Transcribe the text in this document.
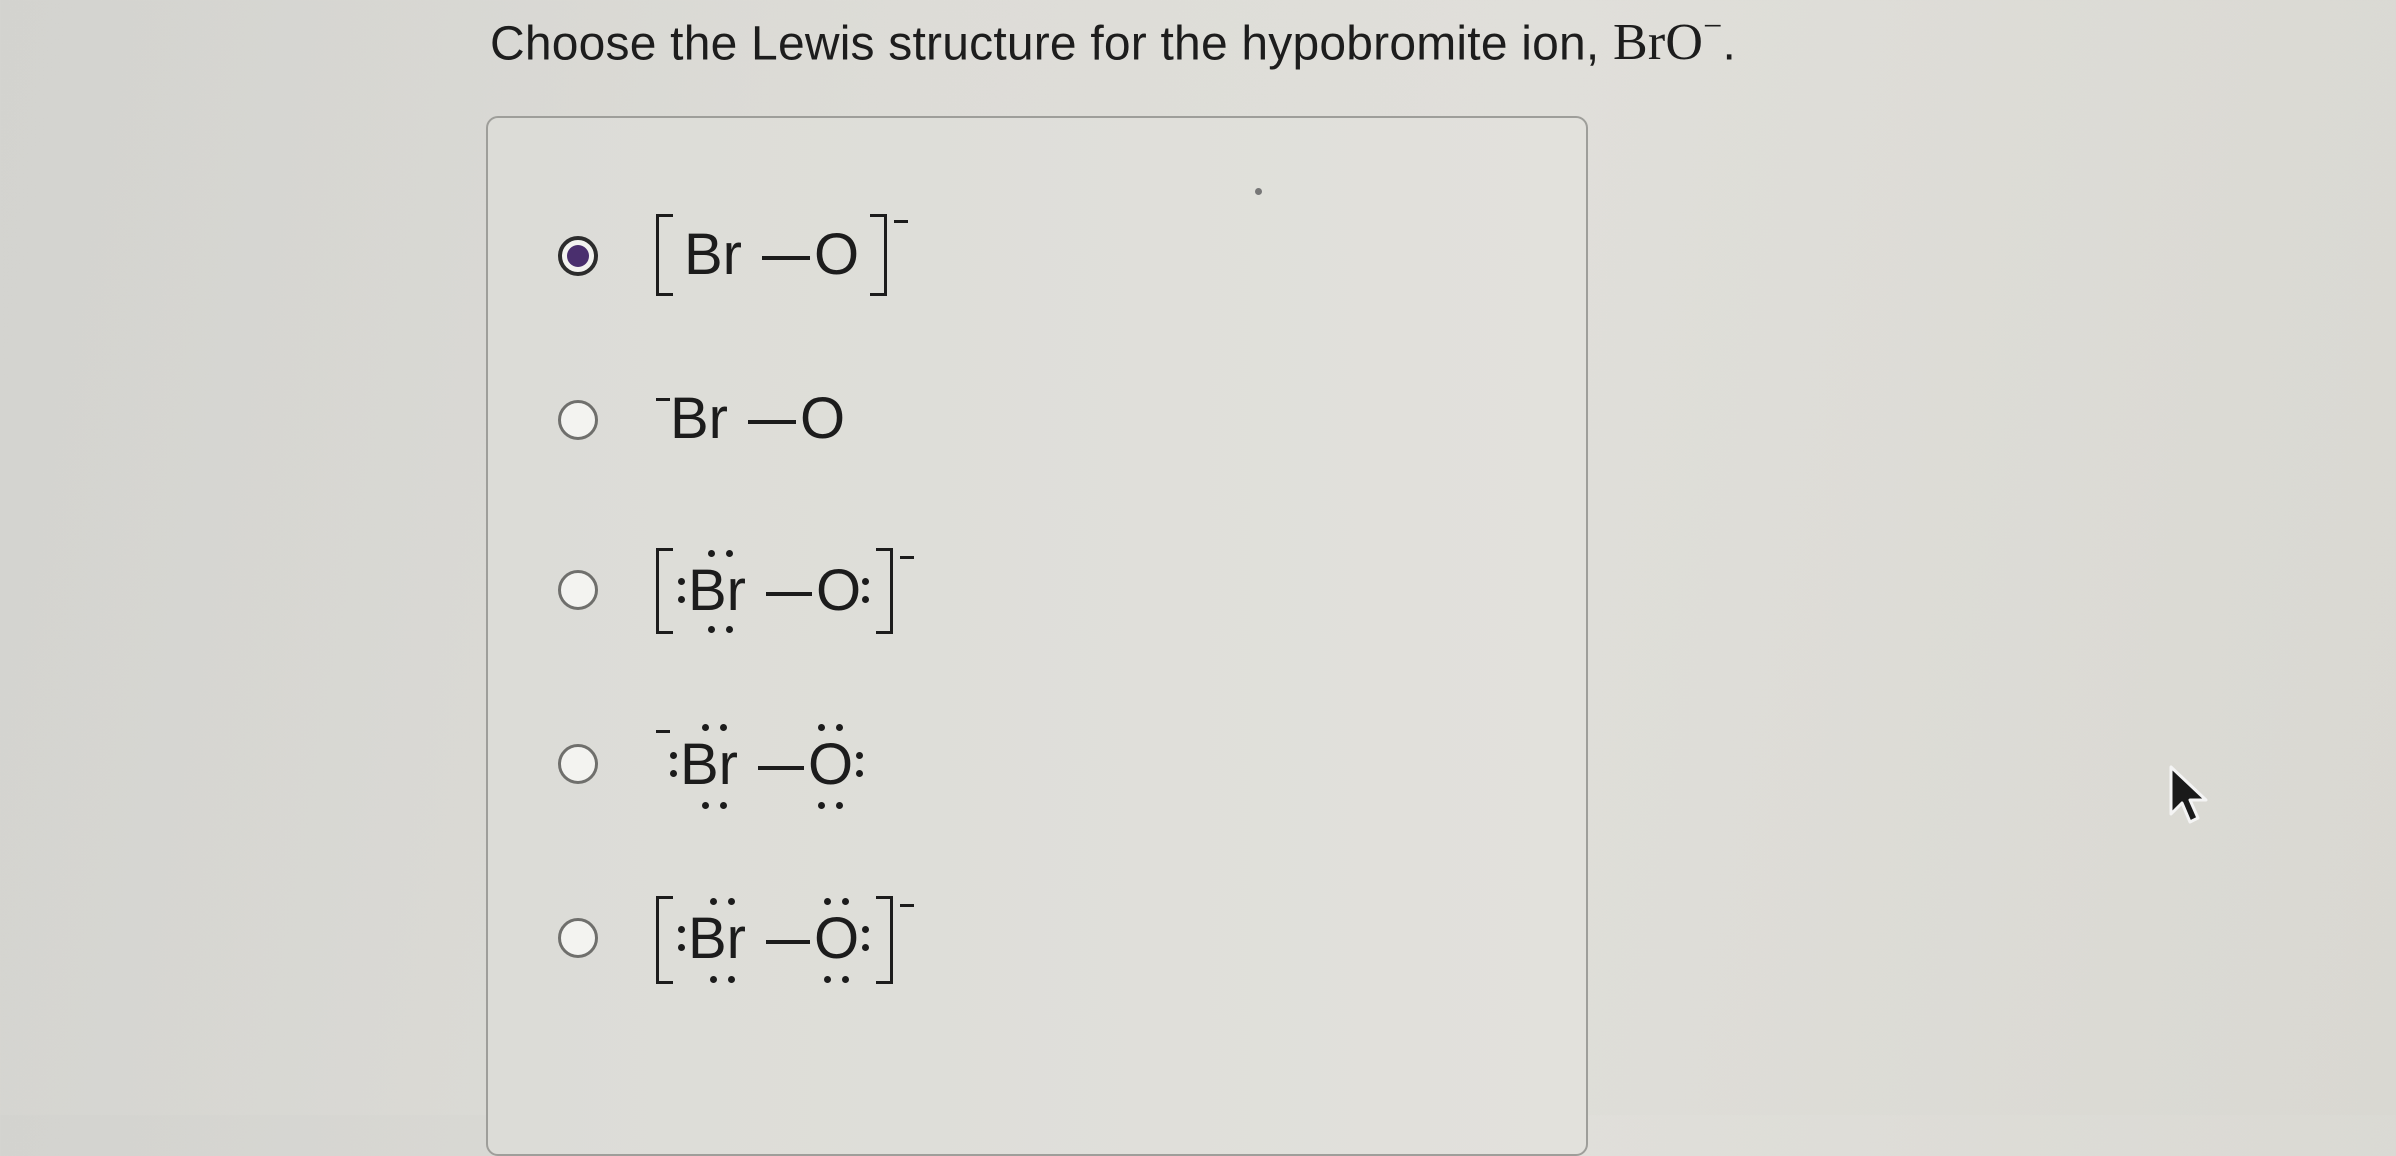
Choose the Lewis structure for the hypobromite ion, BrO−.
Br O
Br O
Br O
Br O
Br O
